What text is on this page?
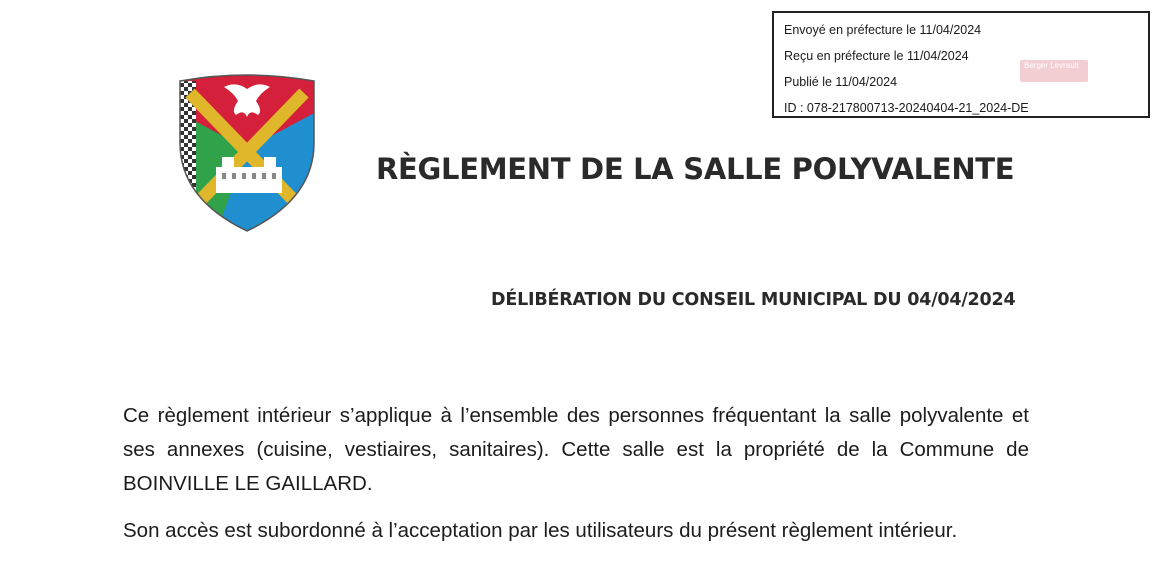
Envoyé en préfecture le 11/04/2024
Reçu en préfecture le 11/04/2024
Publié le 11/04/2024
ID : 078-217800713-20240404-21_2024-DE
Berger Levrault
RÈGLEMENT DE LA SALLE POLYVALENTE
DÉLIBÉRATION DU CONSEIL MUNICIPAL DU 04/04/2024

Ce règlement intérieur s’applique à l’ensemble des personnes fréquentant la salle polyvalente et ses annexes (cuisine, vestiaires, sanitaires). Cette salle est la propriété de la Commune de BOINVILLE LE GAILLARD.

Son accès est subordonné à l’acceptation par les utilisateurs du présent règlement intérieur.
